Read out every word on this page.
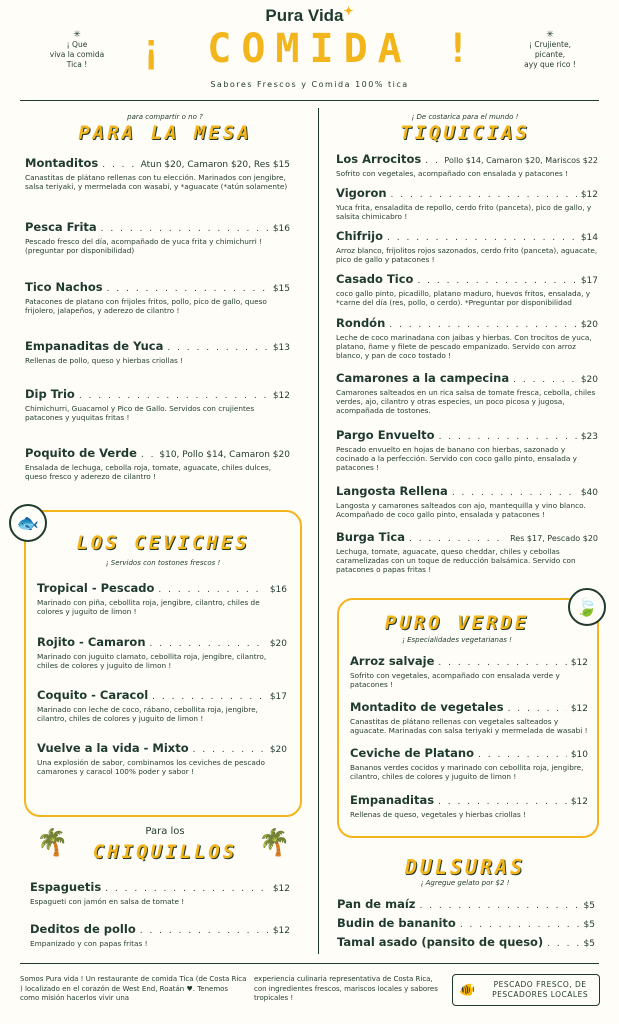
Pura Vida✦
¡ COMIDA !
Sabores Frescos y Comida 100% tica
✳
¡ Que
viva la comida
Tica !
✳
¡ Crujiente,
picante,
ayy que rico !
para compartir o no ?
PARA LA MESA
Montaditos . . .	Atun $20, Camaron $20, Res $15
Canastitas de plátano rellenas con tu elección. Marinados con jengibre, salsa teriyaki, y mermelada con wasabi, y *aguacate (*atún solamente)
Pesca Frita . . .	$16
Pescado fresco del día, acompañado de yuca frita y chimichurri ! (preguntar por disponibilidad)
Tico Nachos . . .	$15
Patacones de platano con frijoles fritos, pollo, pico de gallo, queso frijolero, jalapeños, y aderezo de cilantro !
Empanaditas de Yuca . . .	$13
Rellenas de pollo, queso y hierbas criollas !
Dip Trio . . .	$12
Chimichurri, Guacamol y Pico de Gallo. Servidos con crujientes patacones y yuquitas fritas !
Poquito de Verde . . . $10, Pollo $14, Camaron $20
Ensalada de lechuga, cebolla roja, tomate, aguacate, chiles dulces, queso fresco y aderezo de cilantro !
🐟
LOS CEVICHES
¡ Servidos con tostones frescos !
Tropical - Pescado . . .	$16
Marinado con piña, cebollita roja, jengibre, cilantro, chiles de colores y juguito de limon !
Rojito - Camaron . . .	$20
Marinado con juguito clamato, cebollita roja, jengibre, cilantro, chiles de colores y juguito de limon !
Coquito - Caracol . . .	$17
Marinado con leche de coco, rábano, cebollita roja, jengibre, cilantro, chiles de colores y juguito de limon !
Vuelve a la vida - Mixto . . .	$20
Una explosión de sabor, combinamos los ceviches de pescado camarones y caracol 100% poder y sabor !
🌴	🌴
Para los
CHIQUILLOS
Espaguetis . . .	$12
Espagueti con jamón en salsa de tomate !
Deditos de pollo . . .	$12
Empanizado y con papas fritas !
¡ De costarica para el mundo !
TIQUICIAS
Los Arrocitos . . .	Pollo $14, Camaron $20, Mariscos $22
Sofrito con vegetales, acompañado con ensalada y patacones !
Vigoron . . .	$12
Yuca frita, ensaladita de repollo, cerdo frito (panceta), pico de gallo, y salsita chimicabro !
Chifrijo . . .	$14
Arroz blanco, frijolitos rojos sazonados, cerdo frito (panceta), aguacate, pico de gallo y patacones !
Casado Tico . . .	$17
coco gallo pinto, picadillo, platano maduro, huevos fritos, ensalada, y *carne del día (res, pollo, o cerdo). *Preguntar por disponibilidad
Rondón . . .	$20
Leche de coco marinadana con jaibas y hierbas. Con trocitos de yuca, platano, ñame y filete de pescado empanizado. Servido con arroz blanco, y pan de coco tostado !
Camarones a la campecina . . .	$20
Camarones salteados en un rica salsa de tomate fresca, cebolla, chiles verdes, ajo, cilantro y otras especies, un poco picosa y jugosa, acompañada de tostones.
Pargo Envuelto . . .	$23
Pescado envuelto en hojas de banano con hierbas, sazonado y cocinado a la perfección. Servido con coco gallo pinto, ensalada y patacones !
Langosta Rellena . . .	$40
Langosta y camarones salteados con ajo, mantequilla y vino blanco. Acompañado de coco gallo pinto, ensalada y patacones !
Burga Tica . . .	Res $17, Pescado $20
Lechuga, tomate, aguacate, queso cheddar, chiles y cebollas caramelizadas con un toque de reducción balsámica. Servido con patacones o papas fritas !
🍃
PURO VERDE
¡ Especialidades vegetarianas !
Arroz salvaje . . .	$12
Sofrito con vegetales, acompañado con ensalada verde y patacones !
Montadito de vegetales . . .	$12
Canastitas de plátano rellenas con vegetales salteados y aguacate. Marinadas con salsa teriyaki y mermelada de wasabi !
Ceviche de Platano . . .	$10
Bananos verdes cocidos y marinado con cebollita roja, jengibre, cilantro, chiles de colores y juguito de limon !
Empanaditas . . .	$12
Rellenas de queso, vegetales y hierbas criollas !
DULSURAS
¡ Agregue gelato por $2 !
Pan de maíz . . .	$5
Budin de bananito . . .	$5
Tamal asado (pansito de queso) . . .	$5
Somos Pura vida ! Un restaurante de comida Tica (de Costa Rica ) localizado en el corazón de West End, Roatán ♥. Tenemos como misión hacerlos vivir una
experiencia culinaria representativa de Costa Rica, con ingredientes frescos, mariscos locales y sabores tropicales !
🐠	PESCADO FRESCO, DE PESCADORES LOCALES
